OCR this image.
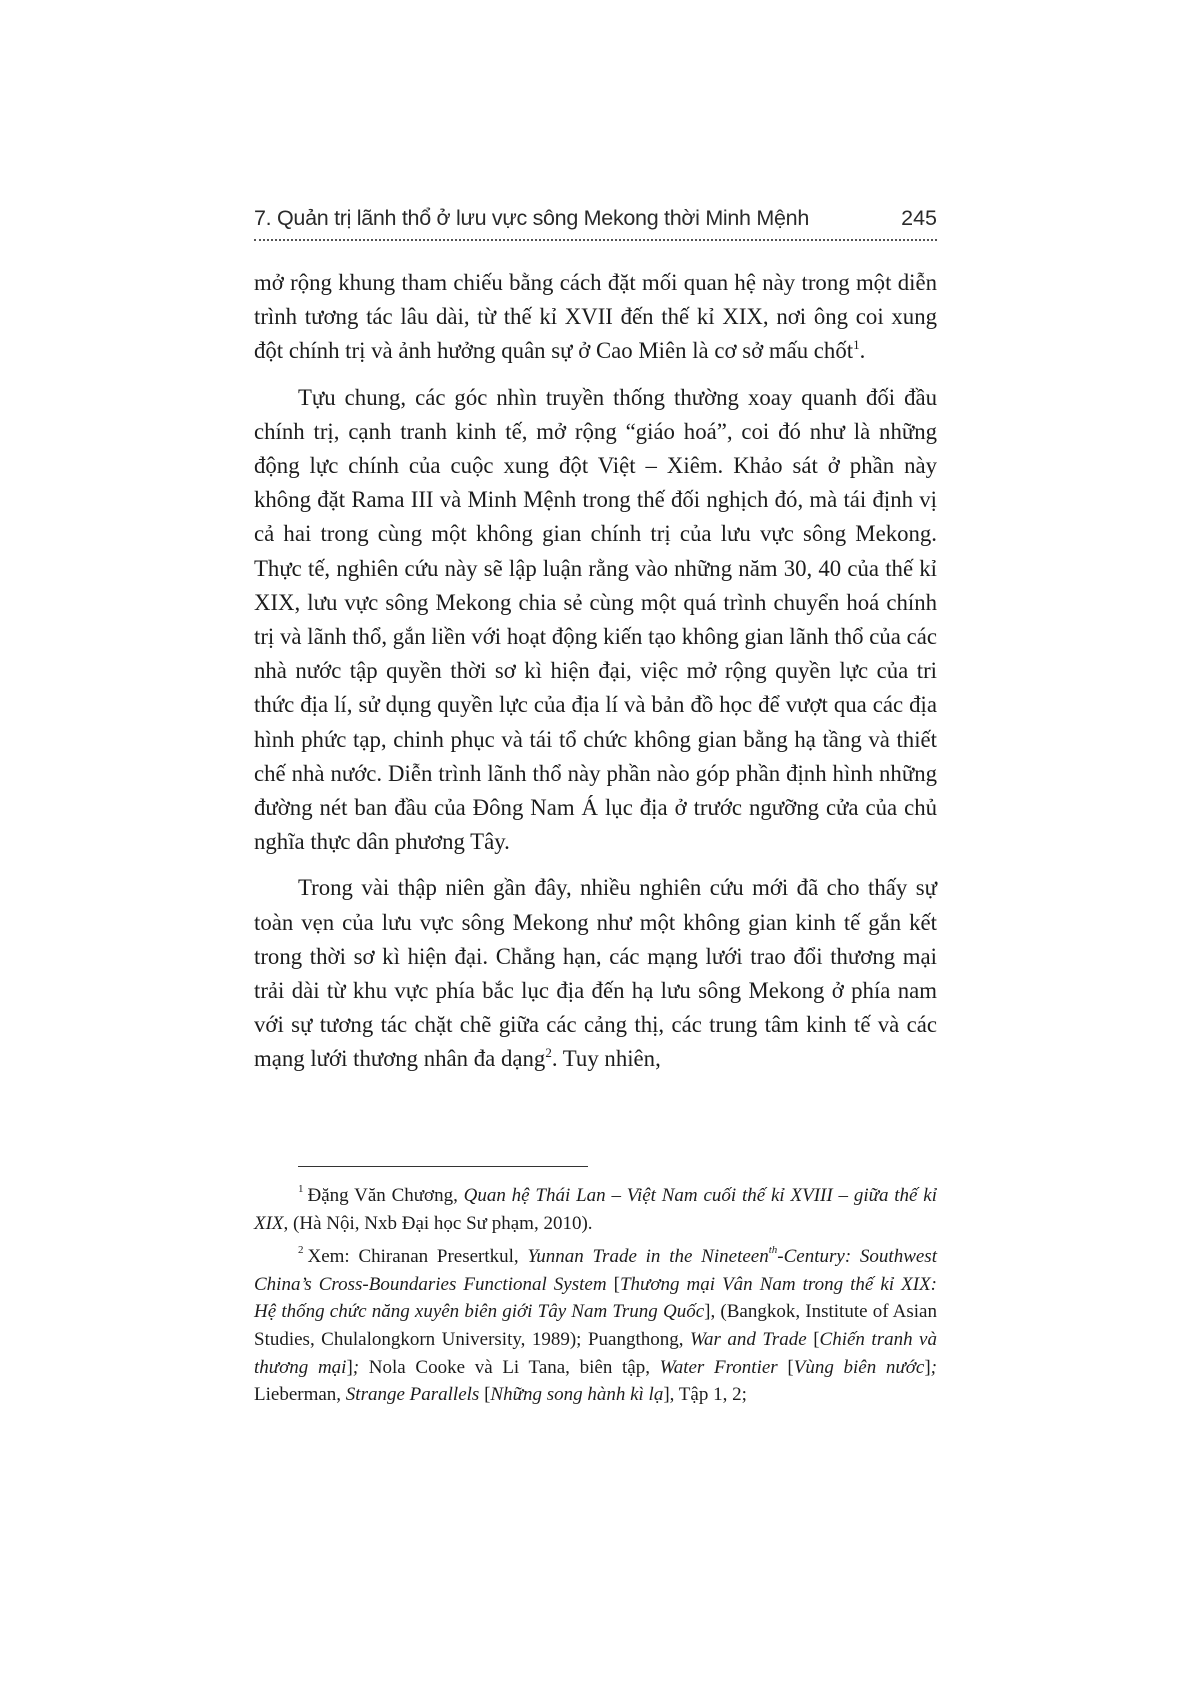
7. Quản trị lãnh thổ ở lưu vực sông Mekong thời Minh Mệnh	245

mở rộng khung tham chiếu bằng cách đặt mối quan hệ này trong một diễn trình tương tác lâu dài, từ thế kỉ XVII đến thế kỉ XIX, nơi ông coi xung đột chính trị và ảnh hưởng quân sự ở Cao Miên là cơ sở mấu chốt$^1$.

Tựu chung, các góc nhìn truyền thống thường xoay quanh đối đầu chính trị, cạnh tranh kinh tế, mở rộng “giáo hoá”, coi đó như là những động lực chính của cuộc xung đột Việt – Xiêm. Khảo sát ở phần này không đặt Rama III và Minh Mệnh trong thế đối nghịch đó, mà tái định vị cả hai trong cùng một không gian chính trị của lưu vực sông Mekong. Thực tế, nghiên cứu này sẽ lập luận rằng vào những năm 30, 40 của thế kỉ XIX, lưu vực sông Mekong chia sẻ cùng một quá trình chuyển hoá chính trị và lãnh thổ, gắn liền với hoạt động kiến tạo không gian lãnh thổ của các nhà nước tập quyền thời sơ kì hiện đại, việc mở rộng quyền lực của tri thức địa lí, sử dụng quyền lực của địa lí và bản đồ học để vượt qua các địa hình phức tạp, chinh phục và tái tổ chức không gian bằng hạ tầng và thiết chế nhà nước. Diễn trình lãnh thổ này phần nào góp phần định hình những đường nét ban đầu của Đông Nam Á lục địa ở trước ngưỡng cửa của chủ nghĩa thực dân phương Tây.

Trong vài thập niên gần đây, nhiều nghiên cứu mới đã cho thấy sự toàn vẹn của lưu vực sông Mekong như một không gian kinh tế gắn kết trong thời sơ kì hiện đại. Chẳng hạn, các mạng lưới trao đổi thương mại trải dài từ khu vực phía bắc lục địa đến hạ lưu sông Mekong ở phía nam với sự tương tác chặt chẽ giữa các cảng thị, các trung tâm kinh tế và các mạng lưới thương nhân đa dạng$^2$. Tuy nhiên,

$^1$ Đặng Văn Chương, Quan hệ Thái Lan – Việt Nam cuối thế kỉ XVIII – giữa thế kỉ XIX, (Hà Nội, Nxb Đại học Sư phạm, 2010).

$^2$ Xem: Chiranan Presertkul, Yunnan Trade in the Nineteen$^{th}$-Century: Southwest China’s Cross-Boundaries Functional System [Thương mại Vân Nam trong thế kỉ XIX: Hệ thống chức năng xuyên biên giới Tây Nam Trung Quốc], (Bangkok, Institute of Asian Studies, Chulalongkorn University, 1989); Puangthong, War and Trade [Chiến tranh và thương mại]; Nola Cooke và Li Tana, biên tập, Water Frontier [Vùng biên nước]; Lieberman, Strange Parallels [Những song hành kì lạ], Tập 1, 2;
